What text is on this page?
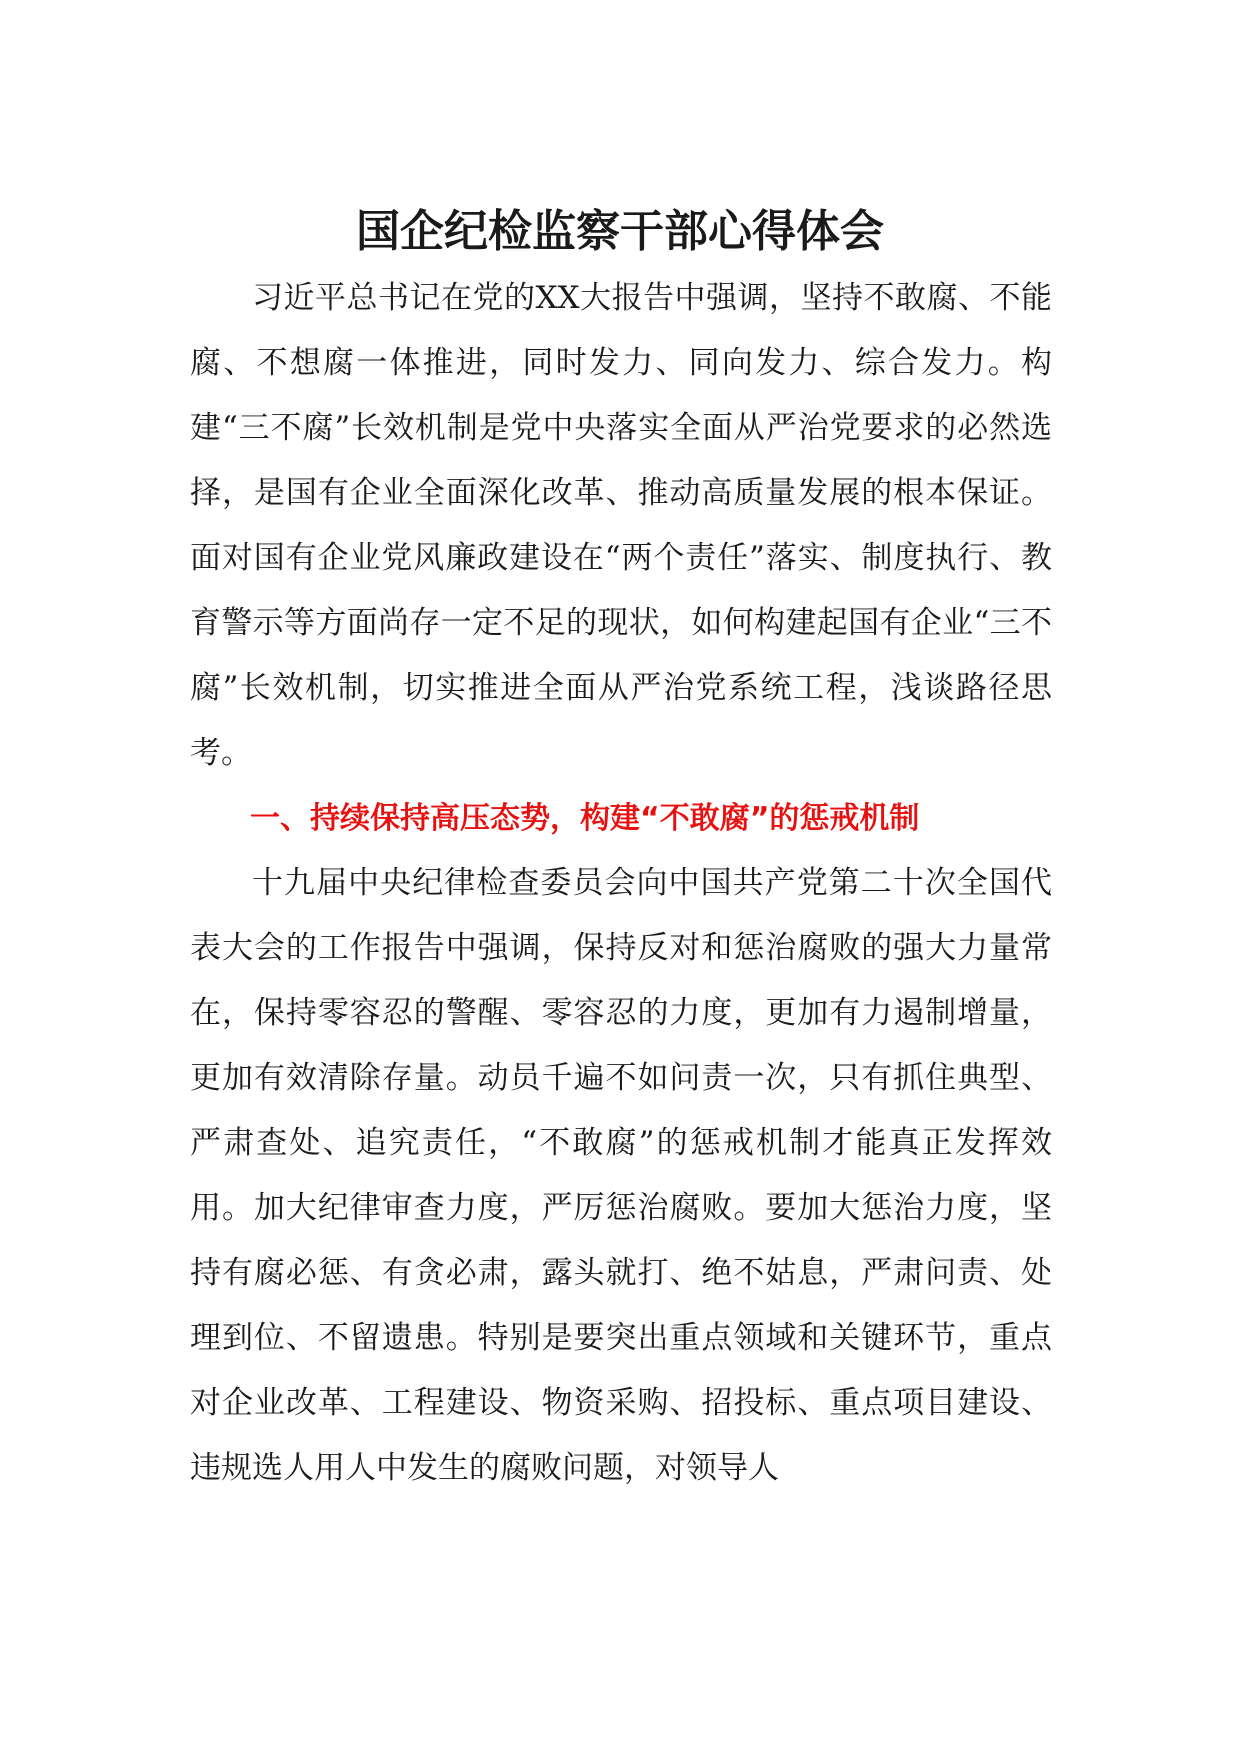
国企纪检监察干部心得体会

习近平总书记在党的XX大报告中强调，坚持不敢腐、不能腐、不想腐一体推进，同时发力、同向发力、综合发力。构建“三不腐”长效机制是党中央落实全面从严治党要求的必然选择，是国有企业全面深化改革、推动高质量发展的根本保证。面对国有企业党风廉政建设在“两个责任”落实、制度执行、教育警示等方面尚存一定不足的现状，如何构建起国有企业“三不腐”长效机制，切实推进全面从严治党系统工程，浅谈路径思考。

一、持续保持高压态势，构建“不敢腐”的惩戒机制

十九届中央纪律检查委员会向中国共产党第二十次全国代表大会的工作报告中强调，保持反对和惩治腐败的强大力量常在，保持零容忍的警醒、零容忍的力度，更加有力遏制增量，更加有效清除存量。动员千遍不如问责一次，只有抓住典型、严肃查处、追究责任，“不敢腐”的惩戒机制才能真正发挥效用。加大纪律审查力度，严厉惩治腐败。要加大惩治力度，坚持有腐必惩、有贪必肃，露头就打、绝不姑息，严肃问责、处理到位、不留遗患。特别是要突出重点领域和关键环节，重点对企业改革、工程建设、物资采购、招投标、重点项目建设、违规选人用人中发生的腐败问题，对领导人
